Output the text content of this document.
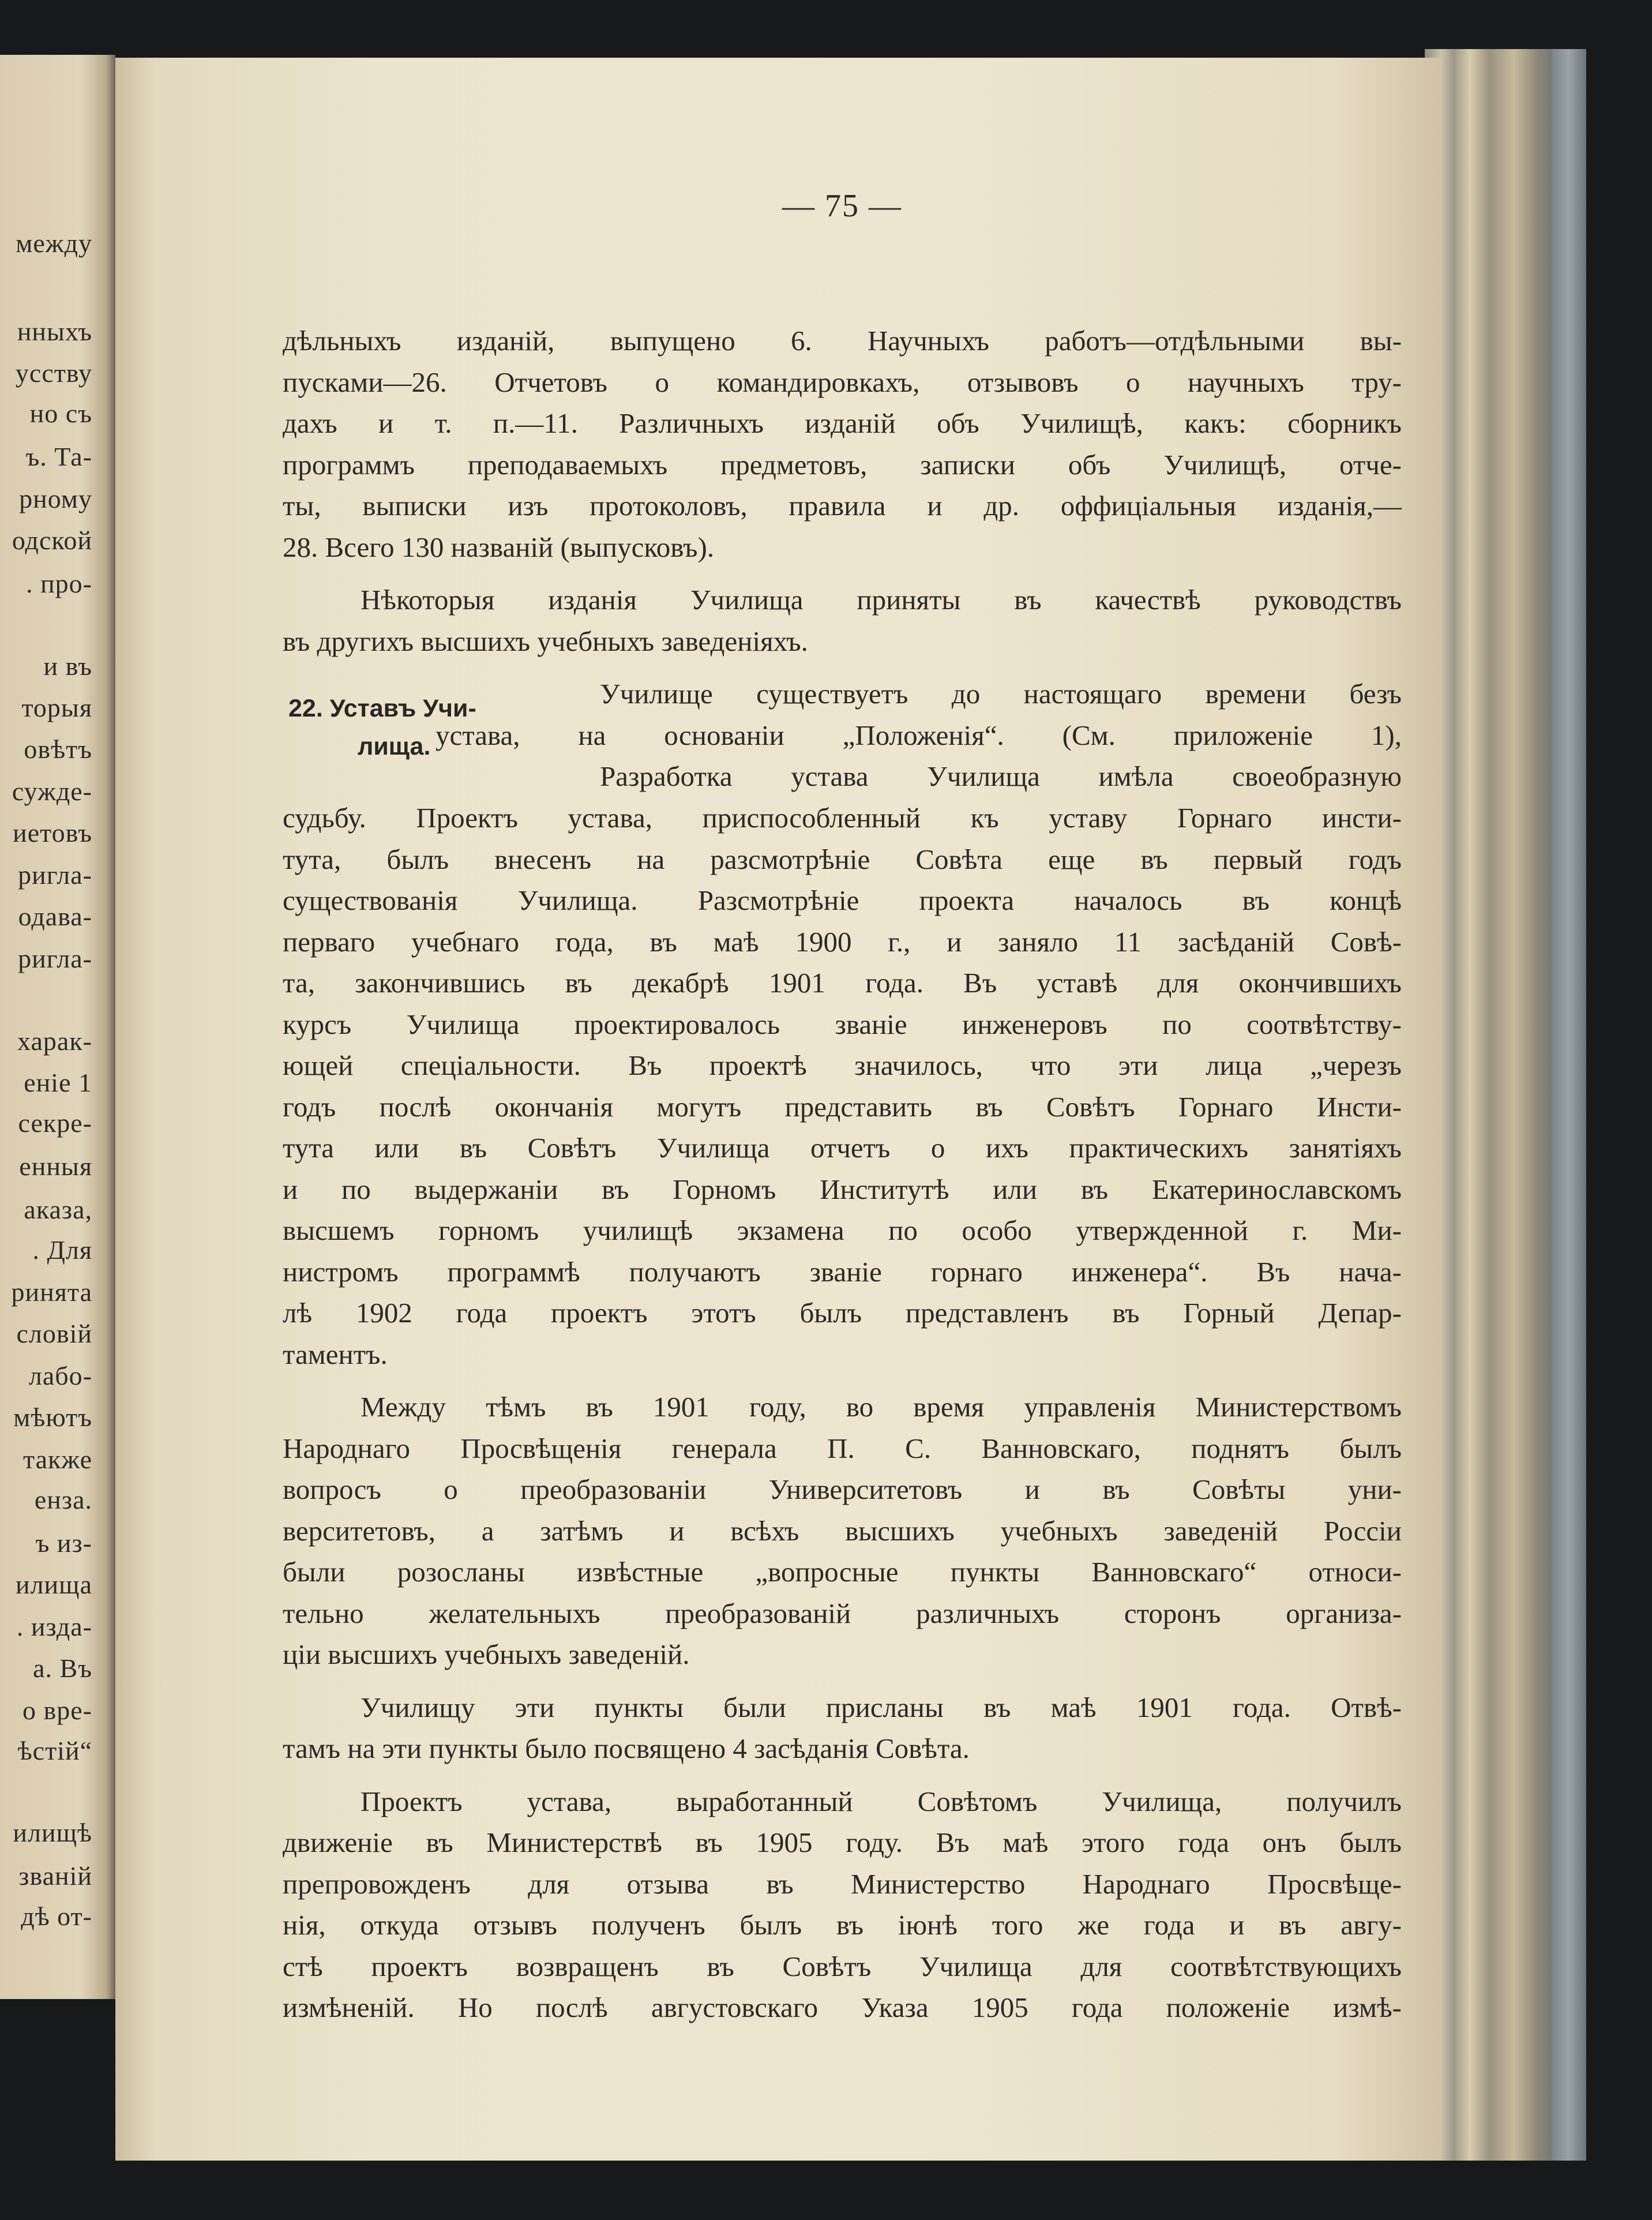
между
нныхъ
усству
но съ
ъ. Та-
рному
одской
. про-
и въ
торыя
овѣтъ
сужде-
иетовъ
ригла-
одава-
ригла-
харак-
еніе 1
секре-
енныя
аказа,
. Для
ринята
словій
лабо-
мѣютъ
также
енза.
ъ из-
илища
. изда-
а. Въ
о вре-
ѣстій“
илищѣ
званій
дѣ от-
— 75 —
дѣльныхъ изданій, выпущено 6. Научныхъ работъ—отдѣльными вы-
пусками—26. Отчетовъ о командировкахъ, отзывовъ о научныхъ тру-
дахъ и т. п.—11. Различныхъ изданій объ Училищѣ, какъ: сборникъ
программъ преподаваемыхъ предметовъ, записки объ Училищѣ, отче-
ты, выписки изъ протоколовъ, правила и др. оффиціальныя изданія,—
28. Всего 130 названій (выпусковъ).
Нѣкоторыя изданія Училища приняты въ качествѣ руководствъ
въ другихъ высшихъ учебныхъ заведеніяхъ.
22. Уставъ Учи-
лища.
Училище существуетъ до настоящаго времени безъ
устава, на основаніи „Положенія“. (См. приложеніе 1),
Разработка устава Училища имѣла своеобразную
судьбу. Проектъ устава, приспособленный къ уставу Горнаго инсти-
тута, былъ внесенъ на разсмотрѣніе Совѣта еще въ первый годъ
существованія Училища. Разсмотрѣніе проекта началось въ концѣ
перваго учебнаго года, въ маѣ 1900 г., и заняло 11 засѣданій Совѣ-
та, закончившись въ декабрѣ 1901 года. Въ уставѣ для окончившихъ
курсъ Училища проектировалось званіе инженеровъ по соотвѣтству-
ющей спеціальности. Въ проектѣ значилось, что эти лица „черезъ
годъ послѣ окончанія могутъ представить въ Совѣтъ Горнаго Инсти-
тута или въ Совѣтъ Училища отчетъ о ихъ практическихъ занятіяхъ
и по выдержаніи въ Горномъ Институтѣ или въ Екатеринославскомъ
высшемъ горномъ училищѣ экзамена по особо утвержденной г. Ми-
нистромъ программѣ получаютъ званіе горнаго инженера“. Въ нача-
лѣ 1902 года проектъ этотъ былъ представленъ въ Горный Депар-
таментъ.
Между тѣмъ въ 1901 году, во время управленія Министерствомъ
Народнаго Просвѣщенія генерала П. С. Ванновскаго, поднятъ былъ
вопросъ о преобразованіи Университетовъ и въ Совѣты уни-
верситетовъ, а затѣмъ и всѣхъ высшихъ учебныхъ заведеній Россіи
были розосланы извѣстные „вопросные пункты Ванновскаго“ относи-
тельно желательныхъ преобразованій различныхъ сторонъ организа-
ціи высшихъ учебныхъ заведеній.
Училищу эти пункты были присланы въ маѣ 1901 года. Отвѣ-
тамъ на эти пункты было посвящено 4 засѣданія Совѣта.
Проектъ устава, выработанный Совѣтомъ Училища, получилъ
движеніе въ Министерствѣ въ 1905 году. Въ маѣ этого года онъ былъ
препровожденъ для отзыва въ Министерство Народнаго Просвѣще-
нія, откуда отзывъ полученъ былъ въ іюнѣ того же года и въ авгу-
стѣ проектъ возвращенъ въ Совѣтъ Училища для соотвѣтствующихъ
измѣненій. Но послѣ августовскаго Указа 1905 года положеніе измѣ-
